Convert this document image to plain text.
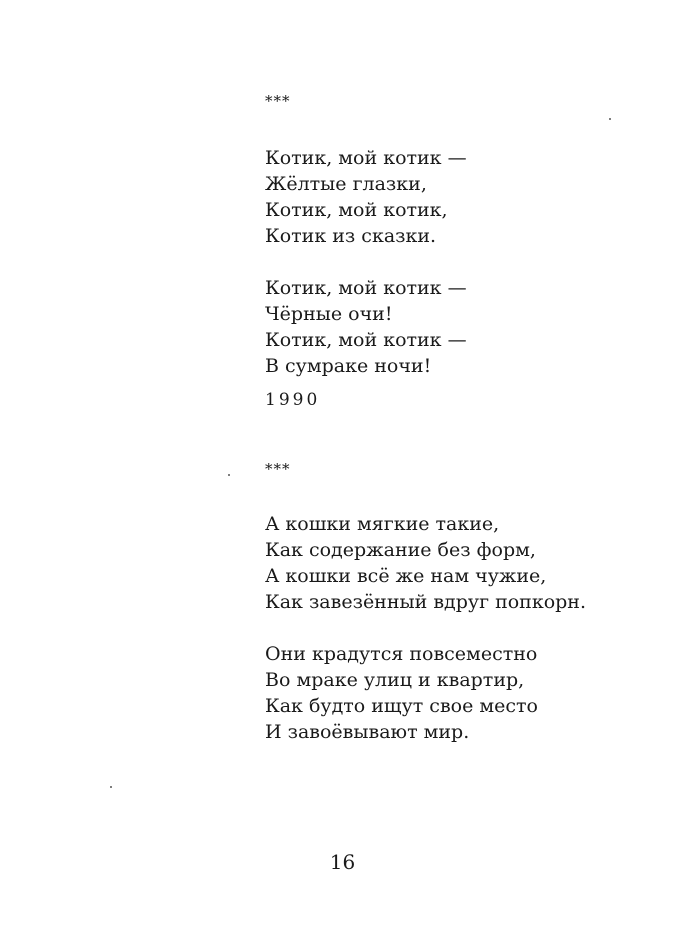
***
Котик, мой котик —
Жёлтые глазки,
Котик, мой котик,
Котик из сказки.
Котик, мой котик —
Чёрные очи!
Котик, мой котик —
В сумраке ночи!
1990
***
А кошки мягкие такие,
Как содержание без форм,
А кошки всё же нам чужие,
Как завезённый вдруг попкорн.
Они крадутся повсеместно
Во мраке улиц и квартир,
Как будто ищут свое место
И завоёвывают мир.
16
